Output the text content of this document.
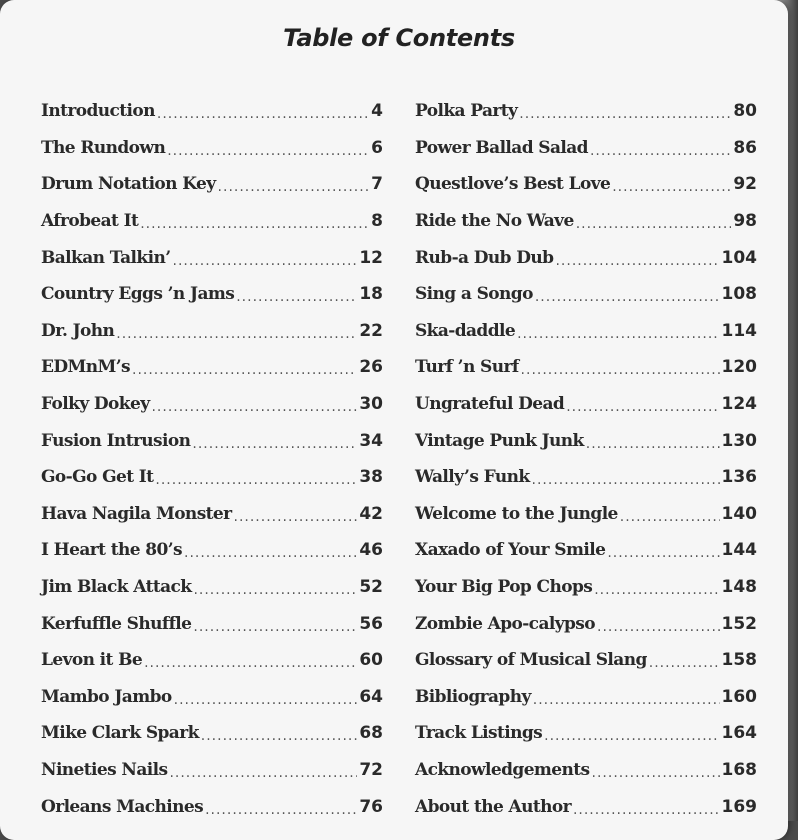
Table of Contents
Introduction .....	4
The Rundown .....	6
Drum Notation Key .....	7
Afrobeat It .....	8
Balkan Talkin’ .....	12
Country Eggs ’n Jams .....	18
Dr. John .....	22
EDMnM’s .....	26
Folky Dokey .....	30
Fusion Intrusion .....	34
Go-Go Get It .....	38
Hava Nagila Monster .....	42
I Heart the 80’s .....	46
Jim Black Attack .....	52
Kerfuffle Shuffle .....	56
Levon it Be .....	60
Mambo Jambo .....	64
Mike Clark Spark .....	68
Nineties Nails .....	72
Orleans Machines .....	76
Polka Party .....	80
Power Ballad Salad .....	86
Questlove’s Best Love .....	92
Ride the No Wave .....	98
Rub-a Dub Dub .....	104
Sing a Songo .....	108
Ska-daddle .....	114
Turf ’n Surf .....	120
Ungrateful Dead .....	124
Vintage Punk Junk .....	130
Wally’s Funk .....	136
Welcome to the Jungle .....	140
Xaxado of Your Smile .....	144
Your Big Pop Chops .....	148
Zombie Apo-calypso .....	152
Glossary of Musical Slang .....	158
Bibliography .....	160
Track Listings .....	164
Acknowledgements .....	168
About the Author .....	169
